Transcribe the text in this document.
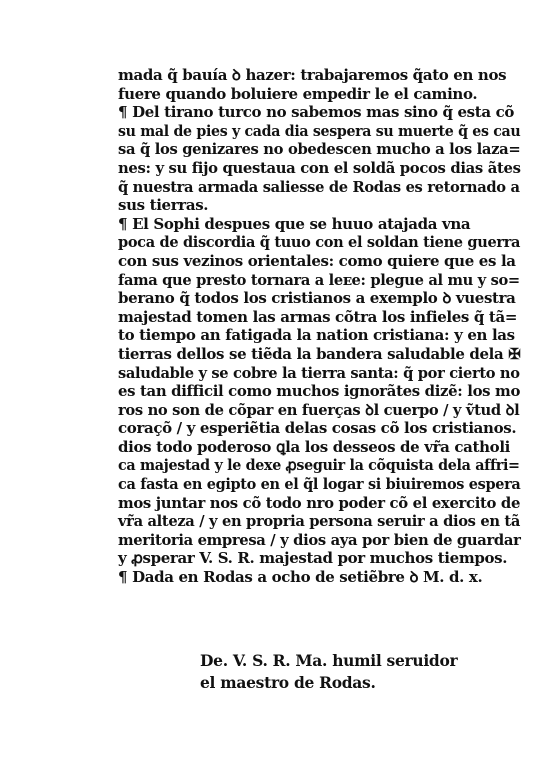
mada q̃ bauía ꝺ hazer: trabajaremos q̃ato en nos
fuere quando boluiere empedir le el camino.
¶ Del tirano turco no sabemos mas sino q̃ esta cõ
su mal de pies y cada dia sespera su muerte q̃ es cau
sa q̃ los genizares no obedescen mucho a los laza=
nes: y su fijo questaua con el soldã pocos dias ãtes
q̃ nuestra armada saliesse de Rodas es retornado a
sus tierras.
¶ El Sophi despues que se huuo atajada vna
poca de discordia q̃ tuuo con el soldan tiene guerra
con sus vezinos orientales: como quiere que es la
fama que presto tornara a leᴇe: plegue al mu y so=
berano q̃ todos los cristianos a exemplo ꝺ vuestra
majestad tomen las armas cõtra los infieles q̃ tã=
to tiempo an fatigada la nation cristiana: y en las
tierras dellos se tiẽda la bandera saludable dela ✠
saludable y se cobre la tierra santa: q̃ por cierto no
es tan difficil como muchos ignorãtes dizẽ: los mo
ros no son de cõpar en fuerças ꝺl cuerpo / y ṽtud ꝺl
coraçõ / y esperiẽtia delas cosas cõ los cristianos.
dios todo poderoso ꝗla los desseos de vr̃a catholi
ca majestad y le dexe ꝓseguir la cõquista dela affri=
ca fasta en egipto en el q̃l logar si biuiremos espera
mos juntar nos cõ todo nro poder cõ el exercito de
vr̃a alteza / y en propria persona seruir a dios en tã
meritoria empresa / y dios aya por bien de guardar
y ꝓsperar V. S. R. majestad por muchos tiempos.
¶ Dada en Rodas a ocho de setiẽbre ꝺ M. d. x.
De. V. S. R. Ma. humil seruidor
el maestro de Rodas.
